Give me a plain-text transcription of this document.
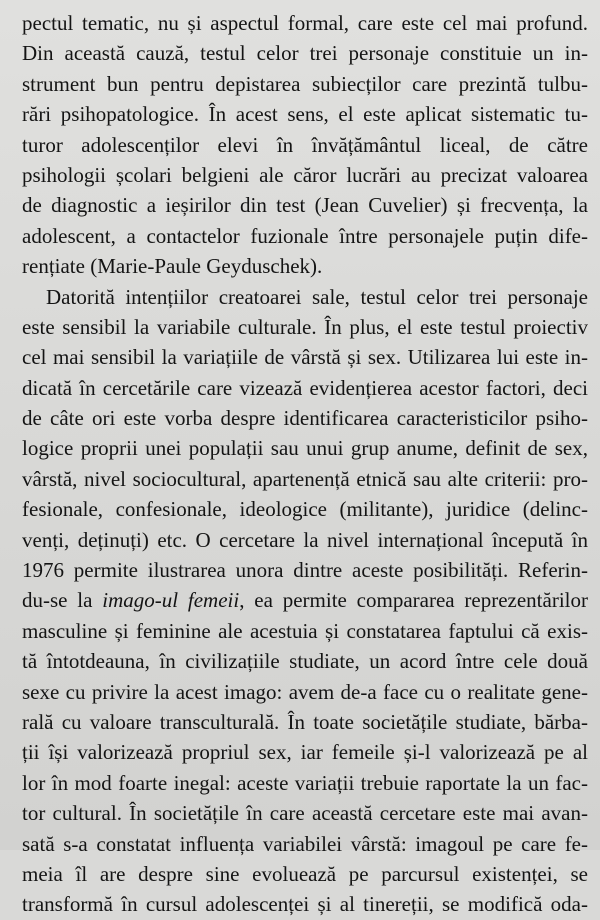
pectul tematic, nu și aspectul formal, care este cel mai profund.
Din această cauză, testul celor trei personaje constituie un in-
strument bun pentru depistarea subiecților care prezintă tulbu-
rări psihopatologice. În acest sens, el este aplicat sistematic tu-
turor adolescenților elevi în învățământul liceal, de către
psihologii școlari belgieni ale căror lucrări au precizat valoarea
de diagnostic a ieșirilor din test (Jean Cuvelier) și frecvența, la
adolescent, a contactelor fuzionale între personajele puțin dife-
rențiate (Marie-Paule Geyduschek).
Datorită intențiilor creatoarei sale, testul celor trei personaje
este sensibil la variabile culturale. În plus, el este testul proiectiv
cel mai sensibil la variațiile de vârstă și sex. Utilizarea lui este in-
dicată în cercetările care vizează evidențierea acestor factori, deci
de câte ori este vorba despre identificarea caracteristicilor psiho-
logice proprii unei populații sau unui grup anume, definit de sex,
vârstă, nivel sociocultural, apartenență etnică sau alte criterii: pro-
fesionale, confesionale, ideologice (militante), juridice (delinc-
venți, deținuți) etc. O cercetare la nivel internațional începută în
1976 permite ilustrarea unora dintre aceste posibilități. Referin-
du-se la imago-ul femeii, ea permite compararea reprezentărilor
masculine și feminine ale acestuia și constatarea faptului că exis-
tă întotdeauna, în civilizațiile studiate, un acord între cele două
sexe cu privire la acest imago: avem de-a face cu o realitate gene-
rală cu valoare transculturală. În toate societățile studiate, bărba-
ții își valorizează propriul sex, iar femeile și-l valorizează pe al
lor în mod foarte inegal: aceste variații trebuie raportate la un fac-
tor cultural. În societățile în care această cercetare este mai avan-
sată s-a constatat influența variabilei vârstă: imagoul pe care fe-
meia îl are despre sine evoluează pe parcursul existenței, se
transformă în cursul adolescenței și al tinereții, se modifică oda-
